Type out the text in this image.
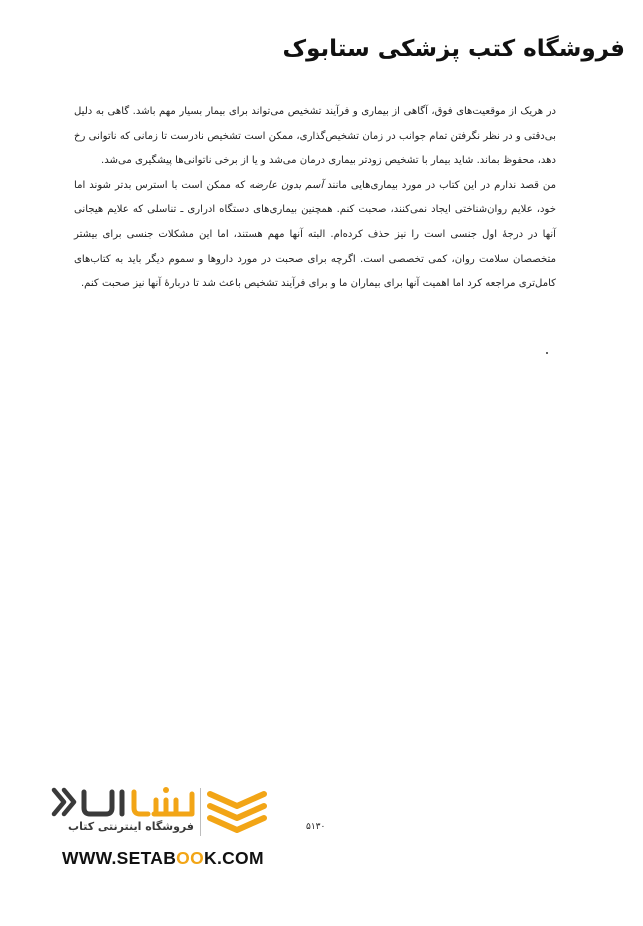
فروشگاه کتب پزشکی ستابوک

در هریک از موقعیت‌های فوق، آگاهی از بیماری و فرآیند تشخیص می‌تواند برای بیمار بسیار مهم باشد. گاهی به دلیل بی‌دقتی و در نظر نگرفتن تمام جوانب در زمان تشخیص‌گذاری، ممکن است تشخیص نادرست تا زمانی که ناتوانی رخ دهد، محفوظ بماند. شاید بیمار با تشخیص زودتر بیماری درمان می‌شد و یا از برخی ناتوانی‌ها پیشگیری می‌شد.

من قصد ندارم در این کتاب در مورد بیماری‌هایی مانند آسم بدون عارضه که ممکن است با استرس بدتر شوند اما خود، علایم روان‌شناختی ایجاد نمی‌کنند، صحبت کنم. همچنین بیماری‌های دستگاه ادراری ـ تناسلی که علایم هیجانی آنها در درجهٔ اول جنسی است را نیز حذف کرده‌ام. البته آنها مهم هستند، اما این مشکلات جنسی برای بیشتر متخصصان سلامت روان، کمی تخصصی است. اگرچه برای صحبت در مورد داروها و سموم دیگر باید به کتاب‌های کامل‌تری مراجعه کرد اما اهمیت آنها برای بیماران ما و برای فرآیند تشخیص باعث شد تا دربارهٔ آنها نیز صحبت کنم.

فروشگاه اینترنتی کتاب	۵۱۳۰
WWW.SETABOOK.COM
